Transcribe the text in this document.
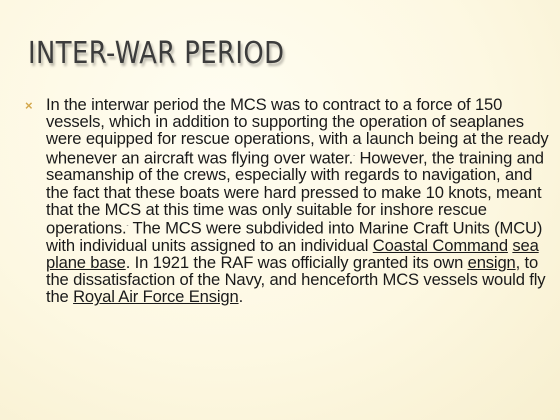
INTER-WAR PERIOD
× In the interwar period the MCS was to contract to a force of 150 vessels, which in addition to supporting the operation of seaplanes were equipped for rescue operations, with a launch being at the ready whenever an aircraft was flying over water.- However, the training and seamanship of the crews, especially with regards to navigation, and the fact that these boats were hard pressed to make 10 knots, meant that the MCS at this time was only suitable for inshore rescue operations.- The MCS were subdivided into Marine Craft Units (MCU) with individual units assigned to an individual Coastal Command sea plane base. In 1921 the RAF was officially granted its own ensign, to the dissatisfaction of the Navy, and henceforth MCS vessels would fly the Royal Air Force Ensign.
